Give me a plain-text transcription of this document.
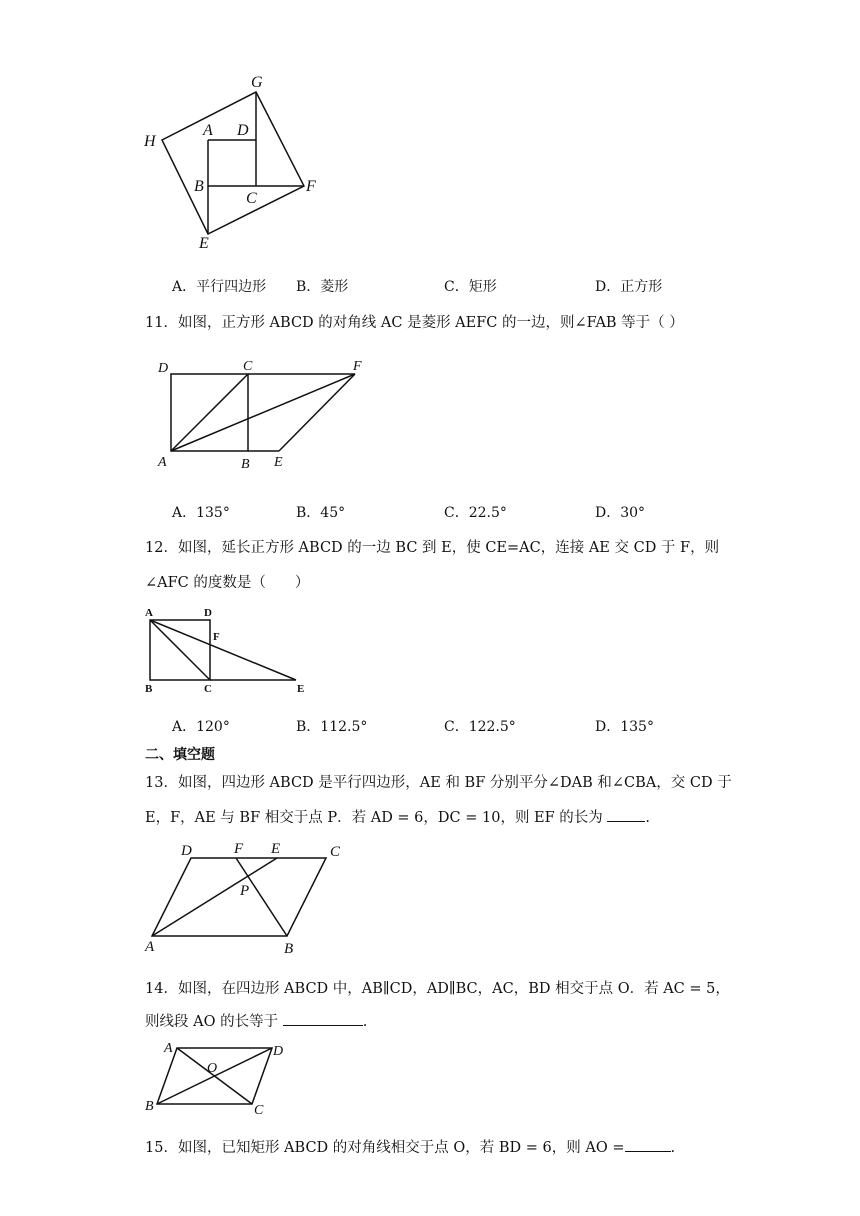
G
H
A D
B
C
F
E
A．平行四边形 B．菱形	C．矩形	D．正方形
11．如图，正方形 ABCD 的对角线 AC 是菱形 AEFC 的一边，则∠FAB 等于（ ）
D	C	F
A	B E
A．135°	B．45°	C．22.5°	D．30°
12．如图，延长正方形 ABCD 的一边 BC 到 E，使 CE=AC，连接 AE 交 CD 于 F，则
∠AFC 的度数是（　　）
A	D
F
B	C	E
A．120°	B．112.5°	C．122.5°	D．135°
二、填空题
13．如图，四边形 ABCD 是平行四边形，AE 和 BF 分别平分∠DAB 和∠CBA，交 CD 于
E，F，AE 与 BF 相交于点 P．若 AD = 6，DC = 10，则 EF 的长为	.
D	F E	C
P
A	B
14．如图，在四边形 ABCD 中，AB∥CD，AD∥BC，AC，BD 相交于点 O．若 AC = 5，
则线段 AO 的长等于	.
A	D
O
B	C
15．如图，已知矩形 ABCD 的对角线相交于点 O，若 BD = 6，则 AO =	.
